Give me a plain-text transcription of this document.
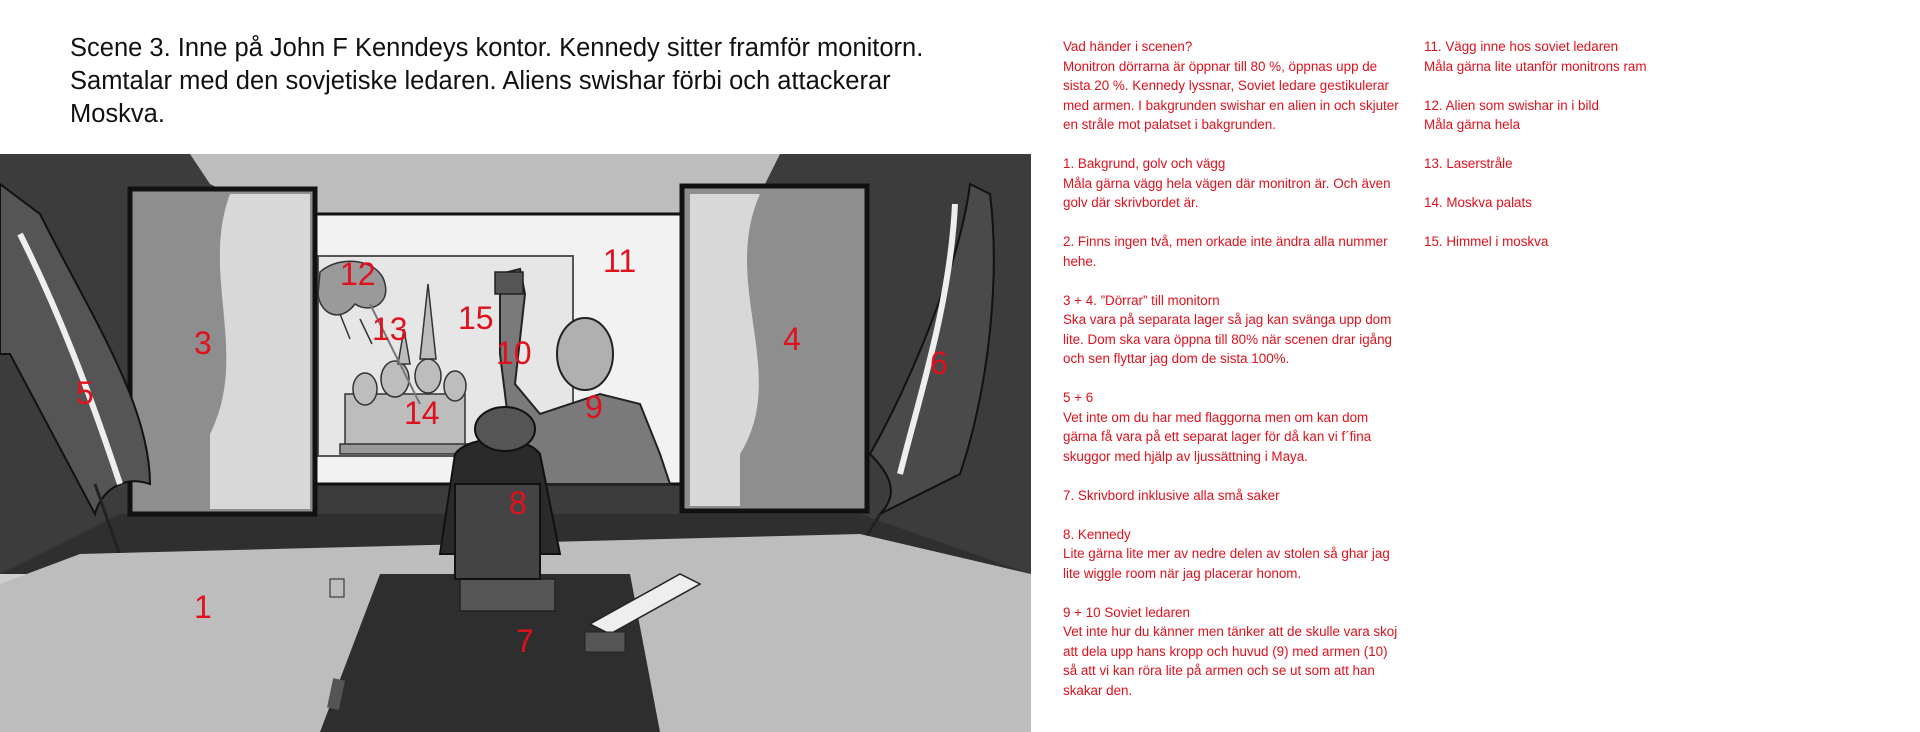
Scene 3. Inne på John F Kenndeys kontor. Kennedy sitter framför monitorn. Samtalar med den sovjetiske ledaren. Aliens swishar förbi och attackerar Moskva.
1
3	4
5
6
7
8
9
10
11
12
13
14
15

Vad händer i scenen?
Monitron dörrarna är öppnar till 80 %, öppnas upp de sista 20 %. Kennedy lyssnar, Soviet ledare gestikulerar med armen. I bakgrunden swishar en alien in och skjuter en stråle mot palatset i bakgrunden.

1. Bakgrund, golv och vägg
Måla gärna vägg hela vägen där monitron är. Och även golv där skrivbordet är.

2. Finns ingen två, men orkade inte ändra alla nummer hehe.

3 + 4. ”Dörrar” till monitorn
Ska vara på separata lager så jag kan svänga upp dom lite. Dom ska vara öppna till 80% när scenen drar igång och sen flyttar jag dom de sista 100%.

5 + 6
Vet inte om du har med flaggorna men om kan dom gärna få vara på ett separat lager för då kan vi f´fina skuggor med hjälp av ljussättning i Maya.

7. Skrivbord inklusive alla små saker

8. Kennedy
Lite gärna lite mer av nedre delen av stolen så ghar jag lite wiggle room när jag placerar honom.

9 + 10 Soviet ledaren
Vet inte hur du känner men tänker att de skulle vara skoj att dela upp hans kropp och huvud (9) med armen (10) så att vi kan röra lite på armen och se ut som att han skakar den.

11. Vägg inne hos soviet ledaren
Måla gärna lite utanför monitrons ram

12. Alien som swishar in i bild
Måla gärna hela

13. Laserstråle

14. Moskva palats

15. Himmel i moskva
